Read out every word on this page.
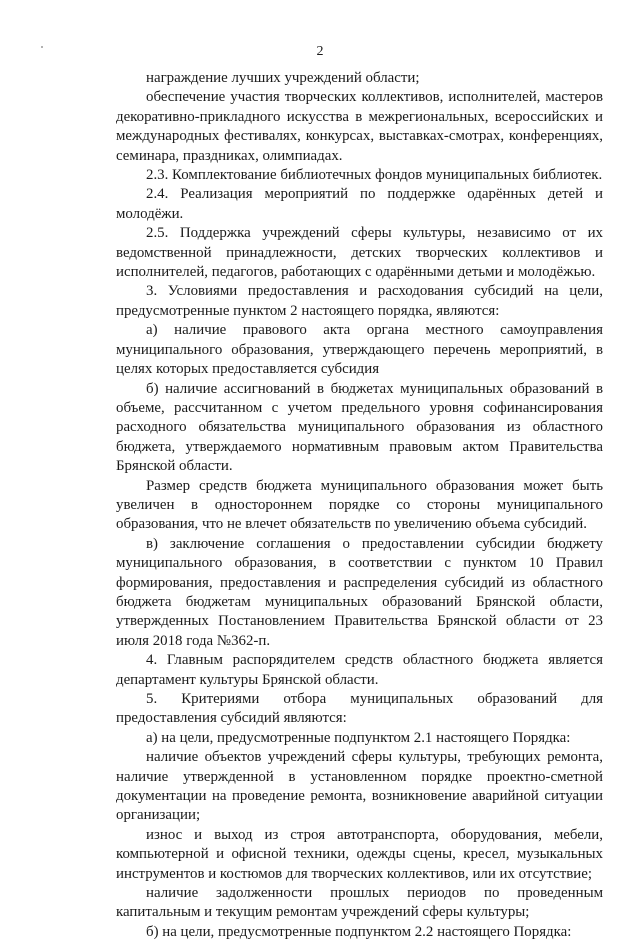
2

награждение лучших учреждений области;

обеспечение участия творческих коллективов, исполнителей, мастеров декоративно-прикладного искусства в межрегиональных, всероссийских и международных фестивалях, конкурсах, выставках-смотрах, конференциях, семинара, праздниках, олимпиадах.

2.3. Комплектование библиотечных фондов муниципальных библиотек.

2.4. Реализация мероприятий по поддержке одарённых детей и молодёжи.

2.5. Поддержка учреждений сферы культуры, независимо от их ведомственной принадлежности, детских творческих коллективов и исполнителей, педагогов, работающих с одарёнными детьми и молодёжью.

3. Условиями предоставления и расходования субсидий на цели, предусмотренные пунктом 2 настоящего порядка, являются:

а) наличие правового акта органа местного самоуправления муниципального образования, утверждающего перечень мероприятий, в целях которых предоставляется субсидия

б) наличие ассигнований в бюджетах муниципальных образований в объеме, рассчитанном с учетом предельного уровня софинансирования расходного обязательства муниципального образования из областного бюджета, утверждаемого нормативным правовым актом Правительства Брянской области.

Размер средств бюджета муниципального образования может быть увеличен в одностороннем порядке со стороны муниципального образования, что не влечет обязательств по увеличению объема субсидий.

в) заключение соглашения о предоставлении субсидии бюджету муниципального образования, в соответствии с пунктом 10 Правил формирования, предоставления и распределения субсидий из областного бюджета бюджетам муниципальных образований Брянской области, утвержденных Постановлением Правительства Брянской области от 23 июля 2018 года №362-п.

4. Главным распорядителем средств областного бюджета является департамент культуры Брянской области.

5. Критериями отбора муниципальных образований для предоставления субсидий являются:

а) на цели, предусмотренные подпунктом 2.1 настоящего Порядка:

наличие объектов учреждений сферы культуры, требующих ремонта, наличие утвержденной в установленном порядке проектно-сметной документации на проведение ремонта, возникновение аварийной ситуации организации;

износ и выход из строя автотранспорта, оборудования, мебели, компьютерной и офисной техники, одежды сцены, кресел, музыкальных инструментов и костюмов для творческих коллективов, или их отсутствие;

наличие задолженности прошлых периодов по проведенным капитальным и текущим ремонтам учреждений сферы культуры;

б) на цели, предусмотренные подпунктом 2.2 настоящего Порядка:
